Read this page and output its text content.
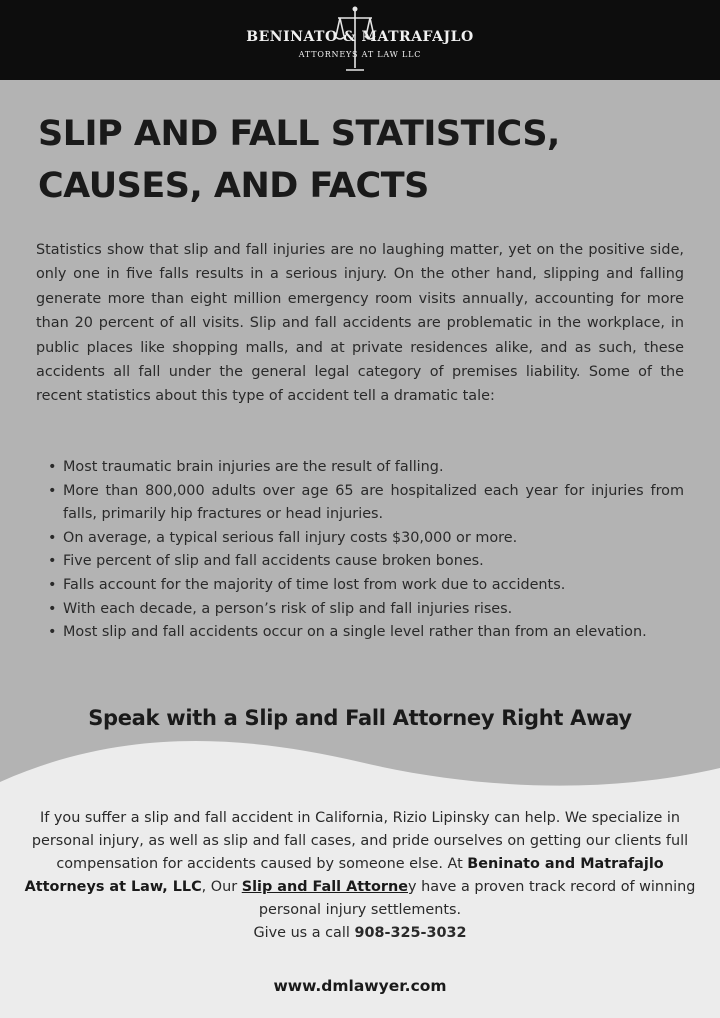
BENINATO & MATRAFAJLO
ATTORNEYS AT LAW LLC
SLIP AND FALL STATISTICS,
CAUSES, AND FACTS

Statistics show that slip and fall injuries are no laughing matter, yet on the positive side, only one in five falls results in a serious injury. On the other hand, slipping and falling generate more than eight million emergency room visits annually, accounting for more than 20 percent of all visits. Slip and fall accidents are problematic in the workplace, in public places like shopping malls, and at private residences alike, and as such, these accidents all fall under the general legal category of premises liability. Some of the recent statistics about this type of accident tell a dramatic tale:

• Most traumatic brain injuries are the result of falling.
• More than 800,000 adults over age 65 are hospitalized each year for injuries from falls, primarily hip fractures or head injuries.
• On average, a typical serious fall injury costs $30,000 or more.
• Five percent of slip and fall accidents cause broken bones.
• Falls account for the majority of time lost from work due to accidents.
• With each decade, a person’s risk of slip and fall injuries rises.
• Most slip and fall accidents occur on a single level rather than from an elevation.
Speak with a Slip and Fall Attorney Right Away

If you suffer a slip and fall accident in California, Rizio Lipinsky can help. We specialize in personal injury, as well as slip and fall cases, and pride ourselves on getting our clients full compensation for accidents caused by someone else. At Beninato and Matrafajlo Attorneys at Law, LLC, Our Slip and Fall Attorney have a proven track record of winning personal injury settlements.

Give us a call 908-325-3032
www.dmlawyer.com
